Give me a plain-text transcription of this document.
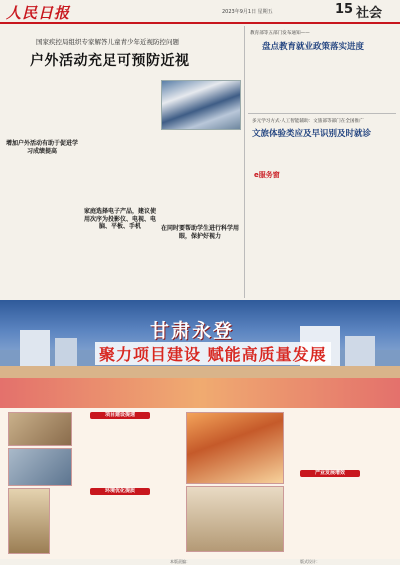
人民日报	2023年9月1日 星期五	15 社会
国家疾控局组织专家解答儿童青少年近视防控问题
户外活动充足可预防近视
增加户外活动有助于促进学习成绩提高
家庭选择电子产品，建议使用次序为投影仪、电视、电脑、平板、手机	在同时要帮助学生进行科学用眼，保护好视力
教育部等五部门发布通知——
盘点教育就业政策落实进度
多元学习方式·人工智能辅助：文旅部等部门在全国推广
文旅体验类应及早识别及时就诊
e服务窗
甘肃永登
聚力项目建设 赋能高质量发展
项目建设提速
产业发展增效
环境优化提质
本版责编：	版式设计：
